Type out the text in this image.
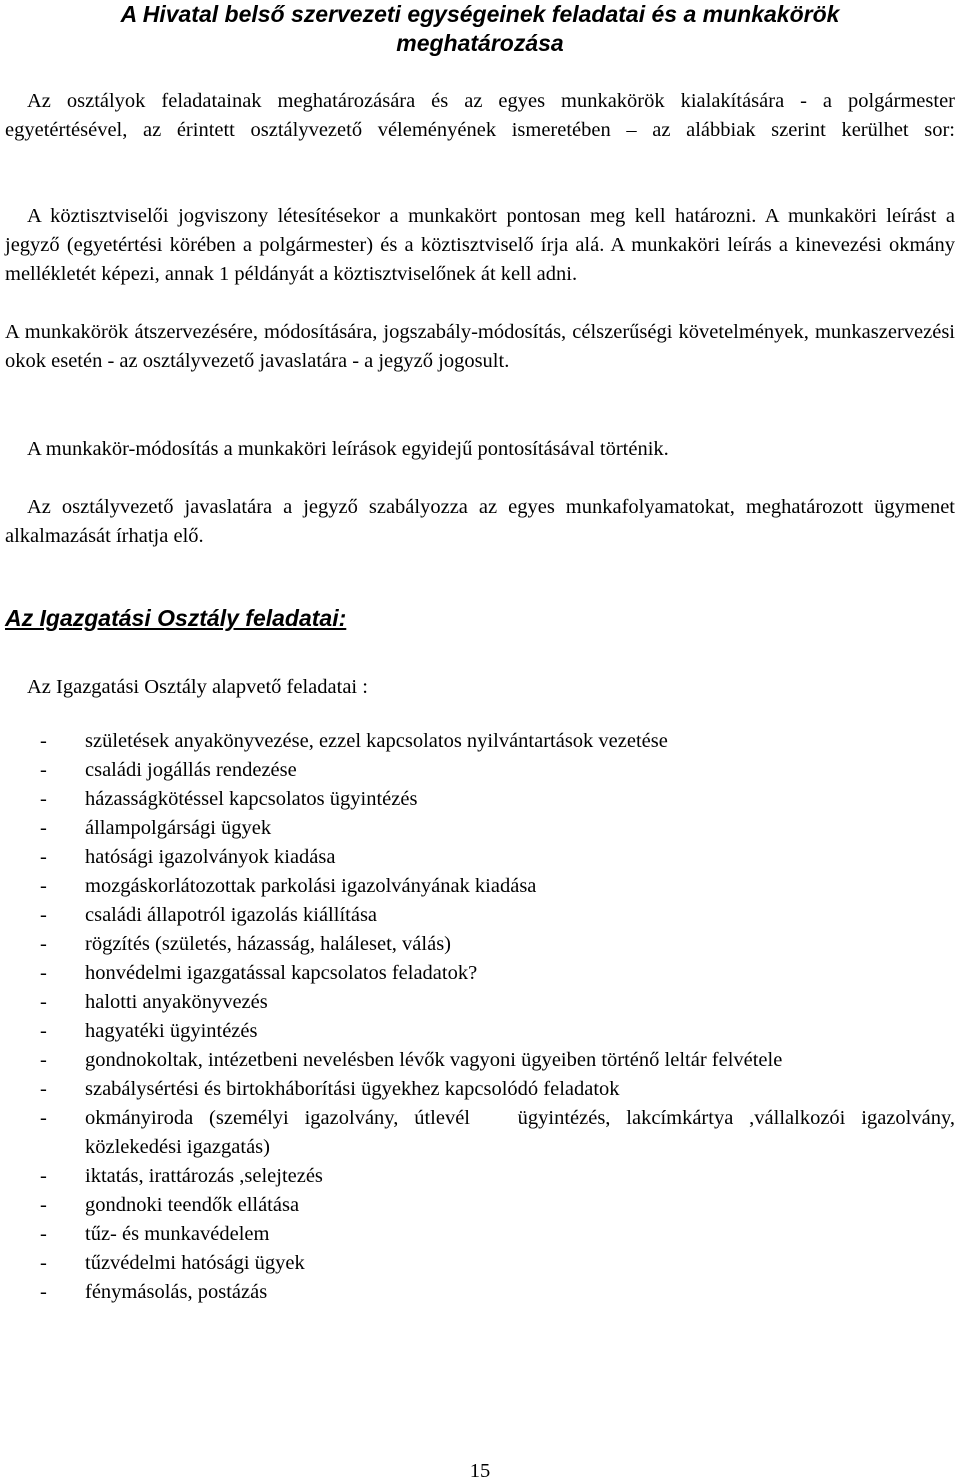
A Hivatal belső szervezeti egységeinek feladatai és a munkakörök meghatározása
Az osztályok feladatainak meghatározására és az egyes munkakörök kialakítására - a polgármester egyetértésével, az érintett osztályvezető véleményének ismeretében – az alábbiak szerint kerülhet sor:
A köztisztviselői jogviszony létesítésekor a munkakört pontosan meg kell határozni. A munkaköri leírást a jegyző (egyetértési körében a polgármester) és a köztisztviselő írja alá. A munkaköri leírás a kinevezési okmány mellékletét képezi, annak 1 példányát a köztisztviselőnek át kell adni.
A munkakörök átszervezésére, módosítására, jogszabály-módosítás, célszerűségi követelmények, munkaszervezési okok esetén - az osztályvezető javaslatára - a jegyző jogosult.
A munkakör-módosítás a munkaköri leírások egyidejű pontosításával történik.
Az osztályvezető javaslatára a jegyző szabályozza az egyes munkafolyamatokat, meghatározott ügymenet alkalmazását írhatja elő.
Az Igazgatási Osztály feladatai:
Az Igazgatási Osztály alapvető feladatai :
- születések anyakönyvezése, ezzel kapcsolatos nyilvántartások vezetése
- családi jogállás rendezése
- házasságkötéssel kapcsolatos ügyintézés
- állampolgársági ügyek
- hatósági igazolványok kiadása
- mozgáskorlátozottak parkolási igazolványának kiadása
- családi állapotról igazolás kiállítása
- rögzítés (születés, házasság, haláleset, válás)
- honvédelmi igazgatással kapcsolatos feladatok?
- halotti anyakönyvezés
- hagyatéki ügyintézés
- gondnokoltak, intézetbeni nevelésben lévők vagyoni ügyeiben történő leltár felvétele
- szabálysértési és birtokháborítási ügyekhez kapcsolódó feladatok
- okmányiroda (személyi igazolvány, útlevél   ügyintézés, lakcímkártya ,vállalkozói igazolvány, közlekedési igazgatás)
- iktatás, irattározás ,selejtezés
- gondnoki teendők ellátása
- tűz- és munkavédelem
- tűzvédelmi hatósági ügyek
- fénymásolás, postázás
15
